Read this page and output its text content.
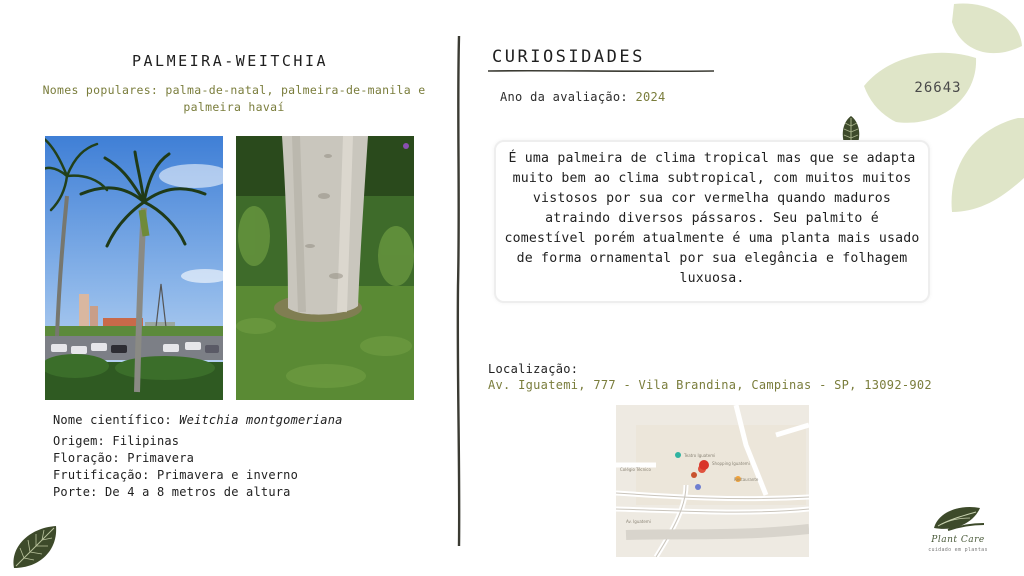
PALMEIRA-WEITCHIA
Nomes populares: palma-de-natal, palmeira-de-manila e palmeira havaí
Nome científico: Weitchia montgomeriana
Origem: Filipinas
Floração: Primavera
Frutificação: Primavera e inverno
Porte: De 4 a 8 metros de altura
CURIOSIDADES
Ano da avaliação: 2024
26643
É uma palmeira de clima tropical mas que se adapta muito bem ao clima subtropical, com muitos muitos vistosos por sua cor vermelha quando maduros atraindo diversos pássaros. Seu palmito é comestível porém atualmente é uma planta mais usado de forma ornamental por sua elegância e folhagem luxuosa.
Localização:
Av. Iguatemi, 777 - Vila Brandina, Campinas - SP, 13092-902
Teatro Iguatemi
Shopping Iguatemi
Colégio Técnico
Restaurante
Av. Iguatemi
Plant Care
cuidado em plantas
